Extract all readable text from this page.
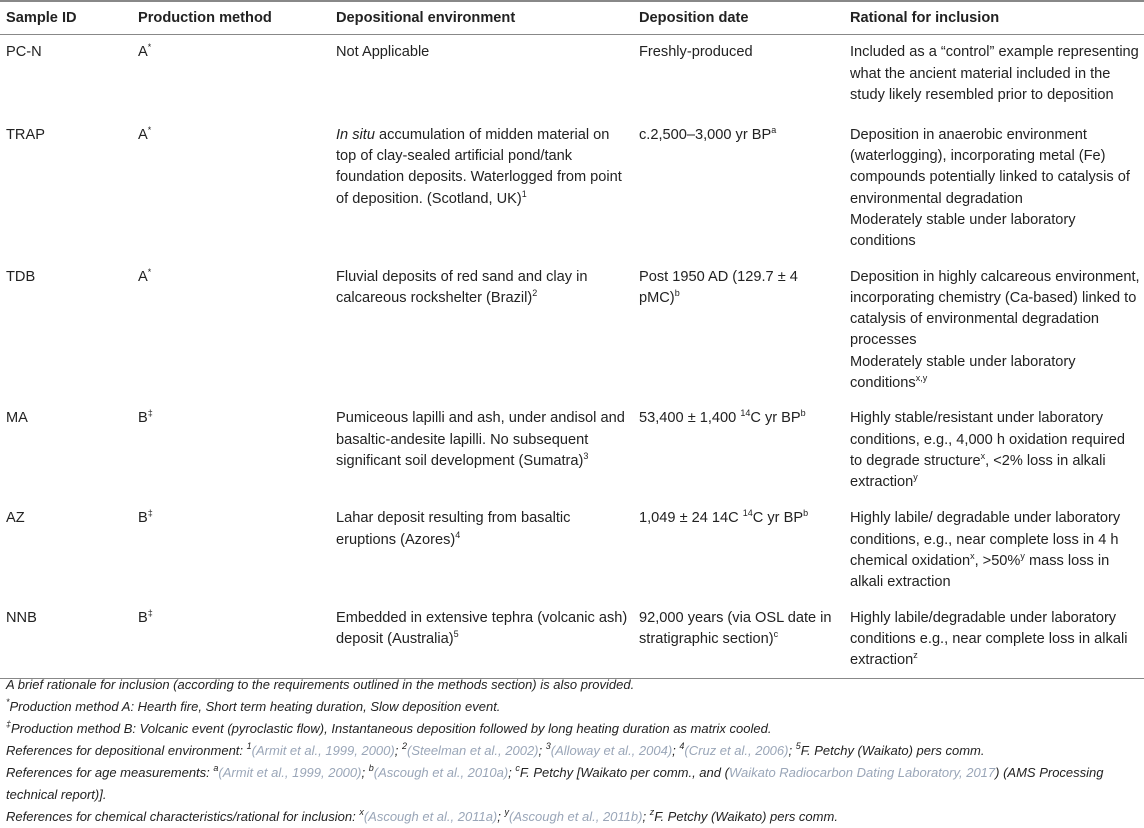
Sample ID	Production method	Depositional environment	Deposition date	Rational for inclusion
PC-N	A*	Not Applicable	Freshly-produced	Included as a “control” example representing what the ancient material included in the study likely resembled prior to deposition
TRAP	A*	In situ accumulation of midden material on top of clay-sealed artificial pond/tank foundation deposits. Waterlogged from point of deposition. (Scotland, UK)$^1$	c.2,500–3,000 yr $BP^a$	Deposition in anaerobic environment (waterlogging), incorporating metal (Fe) compounds potentially linked to catalysis of environmental degradation
Moderately stable under laboratory conditions
TDB	A*	Fluvial deposits of red sand and clay in calcareous rockshelter (Brazil)$^2$	Post 1950 AD (129.7 ± 4 pMC)$^b$	Deposition in highly calcareous environment, incorporating chemistry (Ca-based) linked to catalysis of environmental degradation processes
Moderately stable under laboratory conditions$^{x,y}$
MA	B‡	Pumiceous lapilli and ash, under andisol and basaltic-andesite lapilli. No subsequent significant soil development (Sumatra)$^3$	53,400 ± 1,400 $^{14}$C yr $BP^b$	Highly stable/resistant under laboratory conditions, e.g., 4,000 h oxidation required to degrade structure$^x$, <2% loss in alkali extraction$^y$
AZ	B‡	Lahar deposit resulting from basaltic eruptions (Azores)$^4$	1,049 ± 24 14C $^{14}$C yr $BP^b$	Highly labile/ degradable under laboratory conditions, e.g., near complete loss in 4 h chemical oxidation$^x$, >50%$^y$ mass loss in alkali extraction
NNB	B‡	Embedded in extensive tephra (volcanic ash) deposit (Australia)$^5$	92,000 years (via OSL date in stratigraphic section)$^c$	Highly labile/degradable under laboratory conditions e.g., near complete loss in alkali extraction$^z$
A brief rationale for inclusion (according to the requirements outlined in the methods section) is also provided.
*Production method A: Hearth fire, Short term heating duration, Slow deposition event.
‡Production method B: Volcanic event (pyroclastic flow), Instantaneous deposition followed by long heating duration as matrix cooled.
References for depositional environment: $^1$(Armit et al., 1999, 2000); $^2$(Steelman et al., 2002); $^3$(Alloway et al., 2004); $^4$(Cruz et al., 2006); $^5$F. Petchy (Waikato) pers comm.
References for age measurements: $^a$(Armit et al., 1999, 2000); $^b$(Ascough et al., 2010a); $^c$F. Petchy [Waikato per comm., and (Waikato Radiocarbon Dating Laboratory, 2017) (AMS Processing technical report)].
References for chemical characteristics/rational for inclusion: $^x$(Ascough et al., 2011a); $^y$(Ascough et al., 2011b); $^z$F. Petchy (Waikato) pers comm.
